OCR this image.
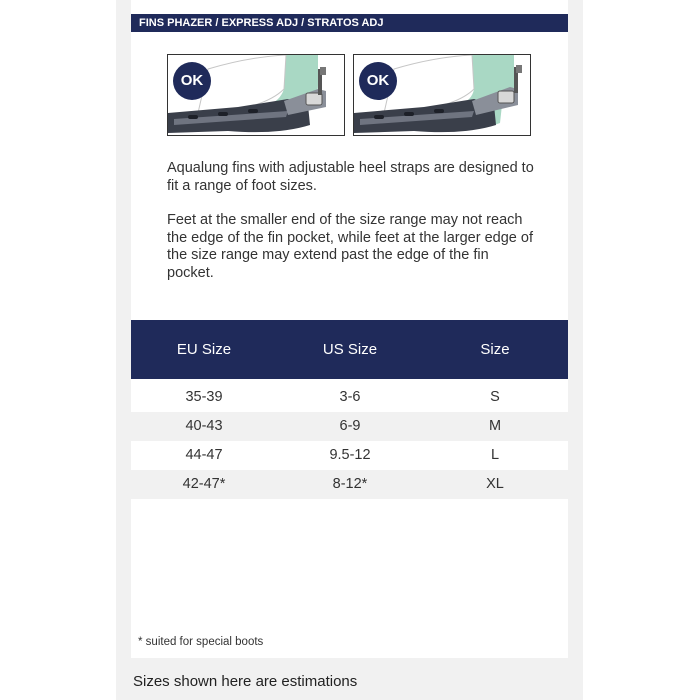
FINS PHAZER / EXPRESS ADJ / STRATOS ADJ
OK	OK

Aqualung fins with adjustable heel straps are designed to fit a range of foot sizes.

Feet at the smaller end of the size range may not reach the edge of the fin pocket, while feet at the larger edge of the size range may extend past the edge of the fin pocket.

EU Size	US Size	Size
35-39	3-6	S
40-43	6-9	M
44-47	9.5-12	L
42-47*	8-12*	XL
* suited for special boots
Sizes shown here are estimations
